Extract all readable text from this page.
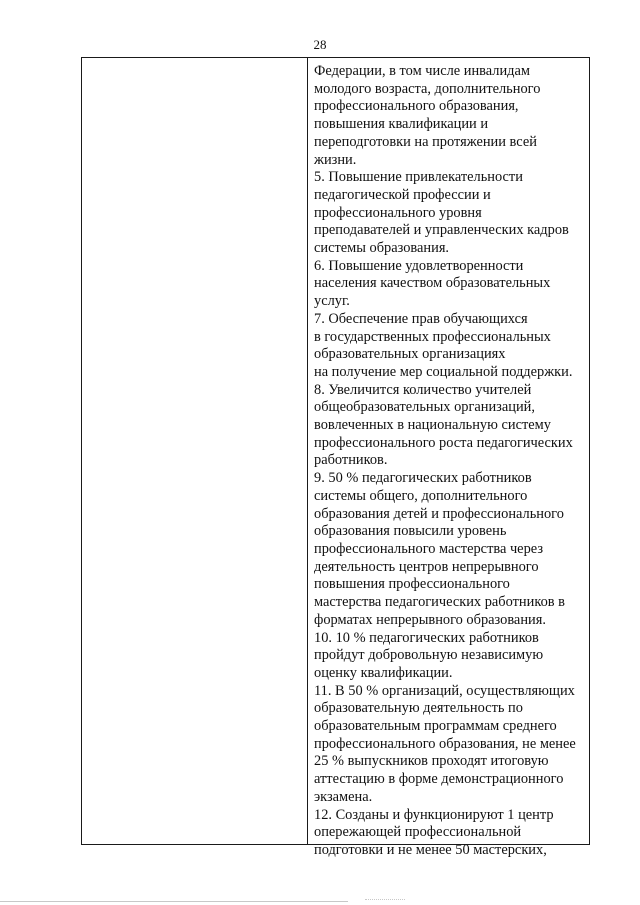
28
Федерации, в том числе инвалидам
молодого возраста, дополнительного
профессионального образования,
повышения квалификации и
переподготовки на протяжении всей
жизни.
5. Повышение привлекательности
педагогической профессии и
профессионального уровня
преподавателей и управленческих кадров
системы образования.
6. Повышение удовлетворенности
населения качеством образовательных
услуг.
7. Обеспечение прав обучающихся
в государственных профессиональных
образовательных организациях
на получение мер социальной поддержки.
8. Увеличится количество учителей
общеобразовательных организаций,
вовлеченных в национальную систему
профессионального роста педагогических
работников.
9. 50 % педагогических работников
системы общего, дополнительного
образования детей и профессионального
образования повысили уровень
профессионального мастерства через
деятельность центров непрерывного
повышения профессионального
мастерства педагогических работников в
форматах непрерывного образования.
10. 10 % педагогических работников
пройдут добровольную независимую
оценку квалификации.
11. В 50 % организаций, осуществляющих
образовательную деятельность по
образовательным программам среднего
профессионального образования, не менее
25 % выпускников проходят итоговую
аттестацию в форме демонстрационного
экзамена.
12. Созданы и функционируют 1 центр
опережающей профессиональной
подготовки и не менее 50 мастерских,
